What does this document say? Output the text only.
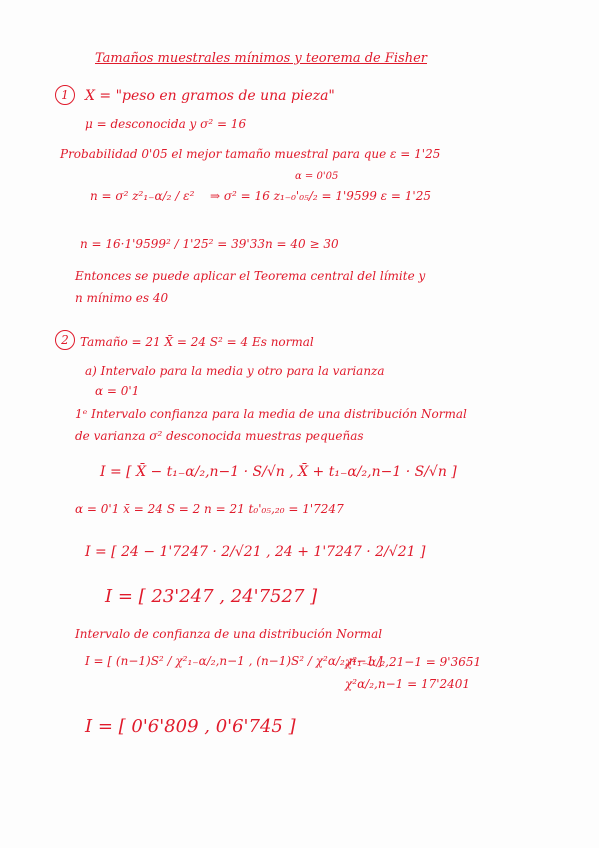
Tamaños muestrales mínimos y teorema de Fisher
1	X = "peso en gramos de una pieza"
μ = desconocida y σ² = 16
Probabilidad 0'05 el mejor tamaño muestral para que ε = 1'25
α = 0'05
n = σ² z²₁₋α/₂ / ε² ⇒ σ² = 16 z₁₋₀'₀₅/₂ = 1'9599 ε = 1'25
n = 16·1'9599² / 1'25² = 39'33 n = 40 ≥ 30
Entonces se puede aplicar el Teorema central del límite y
n mínimo es 40
2 Tamaño = 21 X̄ = 24 S² = 4 Es normal
a) Intervalo para la media y otro para la varianza
α = 0'1
1ᵉ Intervalo confianza para la media de una distribución Normal
de varianza σ² desconocida muestras pequeñas
I = [ X̄ − t₁₋α/₂,n−1 · S/√n , X̄ + t₁₋α/₂,n−1 · S/√n ]
α = 0'1 x̄ = 24 S = 2 n = 21 t₀'₀₅,₂₀ = 1'7247
I = [ 24 − 1'7247 · 2/√21 , 24 + 1'7247 · 2/√21 ]
I = [ 23'247 , 24'7527 ]
Intervalo de confianza de una distribución Normal
I = [ (n−1)S² / χ²₁₋α/₂,n−1 , (n−1)S² / χ²α/₂,n−1 ]
χ²₁₋α/₂,21−1 = 9'3651
χ²α/₂,n−1 = 17'2401
I = [ 0'6'809 , 0'6'745 ]
